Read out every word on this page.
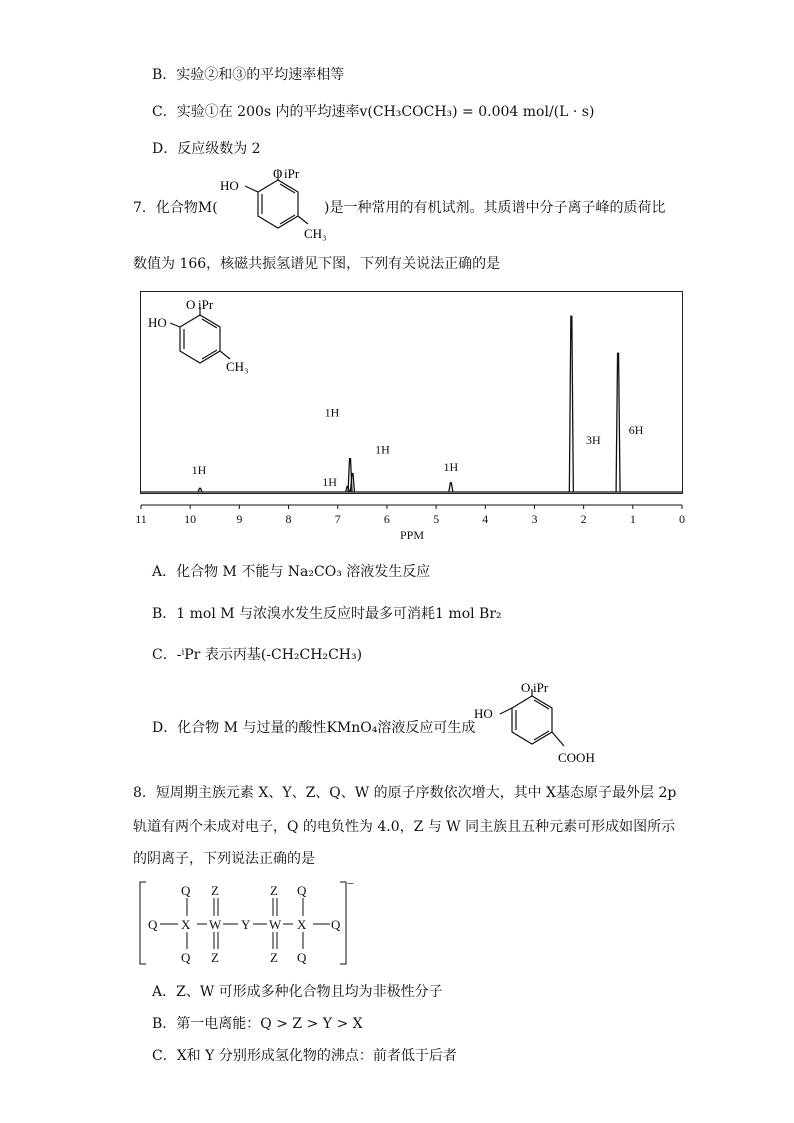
B．实验②和③的平均速率相等
C．实验①在 200s 内的平均速率v(CH₃COCH₃) = 0.004 mol/(L · s)
D．反应级数为 2
7．化合物M(
HO
O iPr
CH₃
)是一种常用的有机试剂。其质谱中分子离子峰的质荷比
数值为 166，核磁共振氢谱见下图，下列有关说法正确的是
HO
O iPr
CH₃
11	10	9	8	7	6	5	4	3	2	1	0
PPM
1H
1H
1H
1H
1H
3H
6H
A．化合物 M 不能与 Na₂CO₃ 溶液发生反应
B．1 mol M 与浓溴水发生反应时最多可消耗1 mol Br₂
C．-ⁱPr 表示丙基(-CH₂CH₂CH₃)
D．化合物 M 与过量的酸性KMnO₄溶液反应可生成
HO
O iPr
COOH
8．短周期主族元素 X、Y、Z、Q、W 的原子序数依次增大，其中 X基态原子最外层 2p
轨道有两个未成对电子，Q 的电负性为 4.0，Z 与 W 同主族且五种元素可形成如图所示
的阴离子，下列说法正确的是
Q X
Q
Q
W
Z
Z
Y W
Z
Z
X
Q
Q
Q
−
A．Z、W 可形成多种化合物且均为非极性分子
B．第一电离能：Q > Z > Y > X
C．X和 Y 分别形成氢化物的沸点：前者低于后者
